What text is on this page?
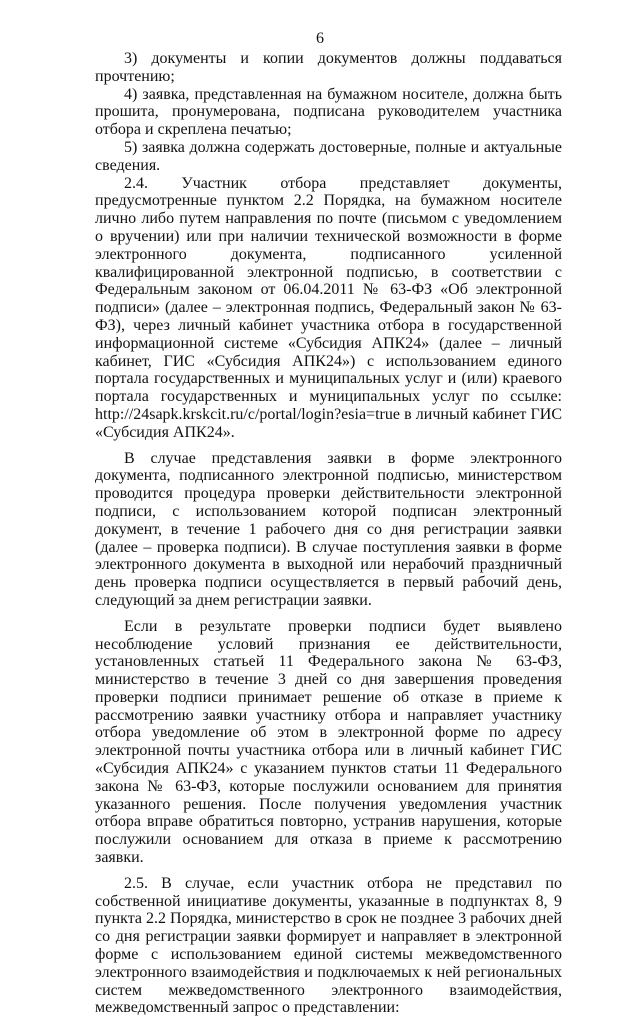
6

3) документы и копии документов должны поддаваться прочтению;

4) заявка, представленная на бумажном носителе, должна быть прошита, пронумерована, подписана руководителем участника отбора и скреплена печатью;

5) заявка должна содержать достоверные, полные и актуальные сведения.

2.4. Участник отбора представляет документы, предусмотренные пунктом 2.2 Порядка, на бумажном носителе лично либо путем направления по почте (письмом с уведомлением о вручении) или при наличии технической возможности в форме электронного документа, подписанного усиленной квалифицированной электронной подписью, в соответствии с Федеральным законом от 06.04.2011 № 63-ФЗ «Об электронной подписи» (далее – электронная подпись, Федеральный закон № 63-ФЗ), через личный кабинет участника отбора в государственной информационной системе «Субсидия АПК24» (далее – личный кабинет, ГИС «Субсидия АПК24») с использованием единого портала государственных и муниципальных услуг и (или) краевого портала государственных и муниципальных услуг по ссылке: http://24sapk.krskcit.ru/c/portal/login?esia=true в личный кабинет ГИС «Субсидия АПК24».

В случае представления заявки в форме электронного документа, подписанного электронной подписью, министерством проводится процедура проверки действительности электронной подписи, с использованием которой подписан электронный документ, в течение 1 рабочего дня со дня регистрации заявки (далее – проверка подписи). В случае поступления заявки в форме электронного документа в выходной или нерабочий праздничный день проверка подписи осуществляется в первый рабочий день, следующий за днем регистрации заявки.

Если в результате проверки подписи будет выявлено несоблюдение условий признания ее действительности, установленных статьей 11 Федерального закона № 63-ФЗ, министерство в течение 3 дней со дня завершения проведения проверки подписи принимает решение об отказе в приеме к рассмотрению заявки участнику отбора и направляет участнику отбора уведомление об этом в электронной форме по адресу электронной почты участника отбора или в личный кабинет ГИС «Субсидия АПК24» с указанием пунктов статьи 11 Федерального закона № 63-ФЗ, которые послужили основанием для принятия указанного решения. После получения уведомления участник отбора вправе обратиться повторно, устранив нарушения, которые послужили основанием для отказа в приеме к рассмотрению заявки.

2.5. В случае, если участник отбора не представил по собственной инициативе документы, указанные в подпунктах 8, 9 пункта 2.2 Порядка, министерство в срок не позднее 3 рабочих дней со дня регистрации заявки формирует и направляет в электронной форме с использованием единой системы межведомственного электронного взаимодействия и подключаемых к ней региональных систем межведомственного электронного взаимодействия, межведомственный запрос о представлении:
